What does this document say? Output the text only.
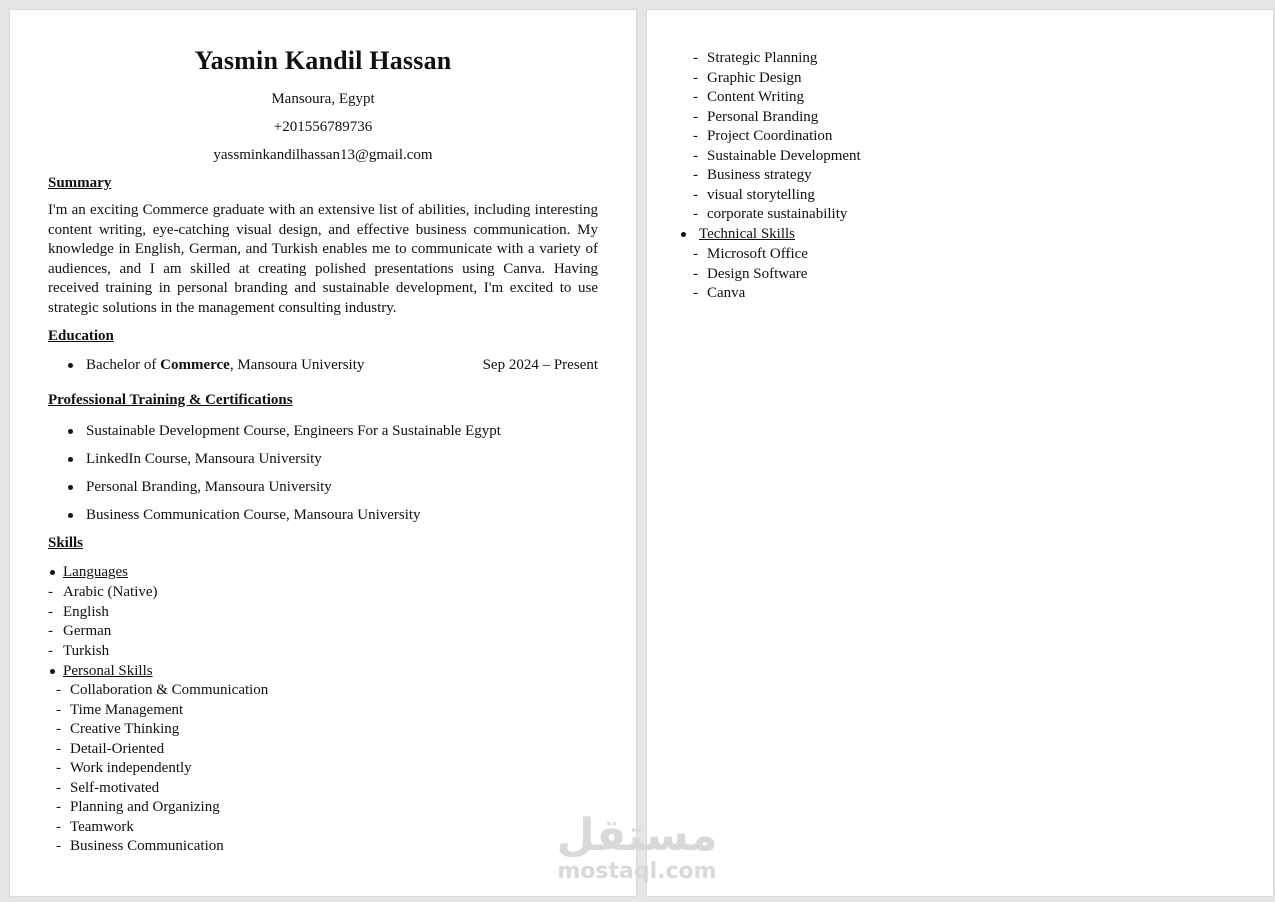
Yasmin Kandil Hassan
Mansoura, Egypt
+201556789736
yassminkandilhassan13@gmail.com
Summary
I'm an exciting Commerce graduate with an extensive list of abilities, including interesting content writing, eye-catching visual design, and effective business communication. My knowledge in English, German, and Turkish enables me to communicate with a variety of audiences, and I am skilled at creating polished presentations using Canva. Having received training in personal branding and sustainable development, I'm excited to use strategic solutions in the management consulting industry.
Education
Bachelor of Commerce, Mansoura University	Sep 2024 – Present
Professional Training & Certifications
Sustainable Development Course, Engineers For a Sustainable Egypt
LinkedIn Course, Mansoura University
Personal Branding, Mansoura University
Business Communication Course, Mansoura University
Skills
Languages
- Arabic (Native)
- English
- German
- Turkish
Personal Skills
- Collaboration & Communication
- Time Management
- Creative Thinking
- Detail-Oriented
- Work independently
- Self-motivated
- Planning and Organizing
- Teamwork
- Business Communication
- Strategic Planning
- Graphic Design
- Content Writing
- Personal Branding
- Project Coordination
- Sustainable Development
- Business strategy
- visual storytelling
- corporate sustainability
Technical Skills
- Microsoft Office
- Design Software
- Canva
مستقل
mostaql.com
